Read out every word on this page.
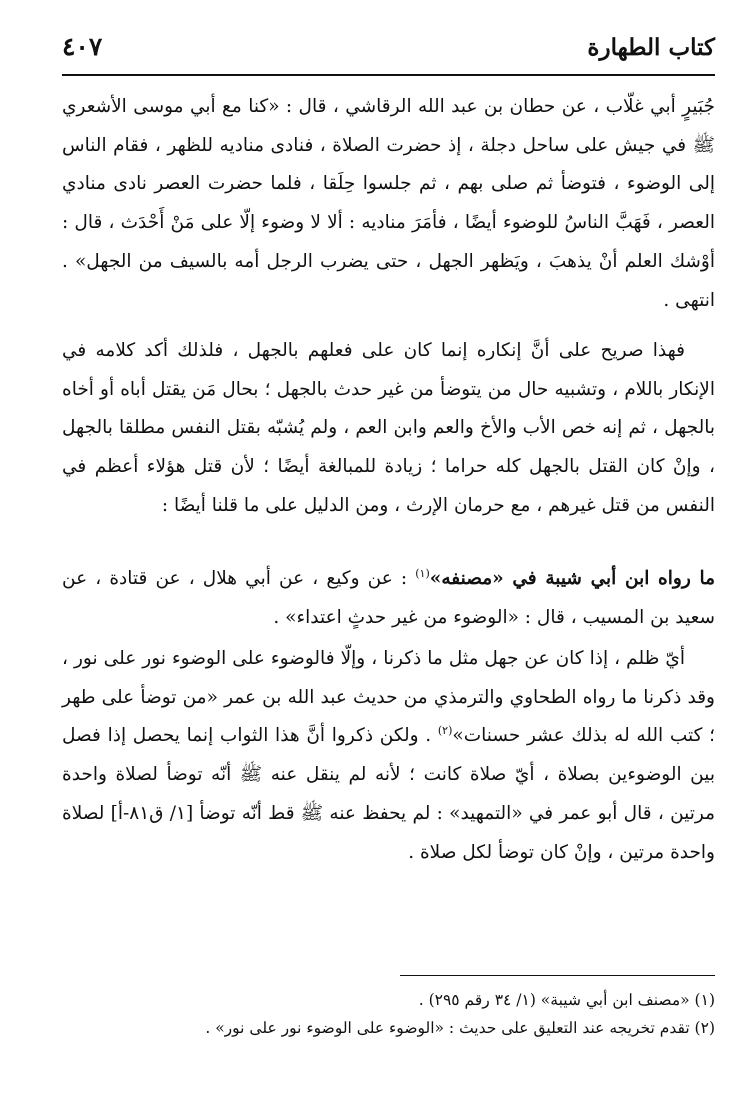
كتاب الطهارة
٤٠٧

جُبَيرٍ أبي غلّاب ، عن حطان بن عبد الله الرقاشي ، قال : «كنا مع أبي موسى الأشعري ﷺ في جيش على ساحل دجلة ، إذ حضرت الصلاة ، فنادى مناديه للظهر ، فقام الناس إلى الوضوء ، فتوضأ ثم صلى بهم ، ثم جلسوا حِلَقا ، فلما حضرت العصر نادى منادي العصر ، فَهَبَّ الناسُ للوضوء أيضًا ، فأمَرَ مناديه : ألا لا وضوء إلّا على مَنْ أَحْدَث ، قال : أوْشك العلم أنْ يذهبَ ، ويَظهر الجهل ، حتى يضرب الرجل أمه بالسيف من الجهل» . انتهى .

فهذا صريح على أنَّ إنكاره إنما كان على فعلهم بالجهل ، فلذلك أكد كلامه في الإنكار باللام ، وتشبيه حال من يتوضأ من غير حدث بالجهل ؛ بحال مَن يقتل أباه أو أخاه بالجهل ، ثم إنه خص الأب والأخ والعم وابن العم ، ولم يُشبّه بقتل النفس مطلقا بالجهل ، وإنْ كان القتل بالجهل كله حراما ؛ زيادة للمبالغة أيضًا ؛ لأن قتل هؤلاء أعظم في النفس من قتل غيرهم ، مع حرمان الإرث ، ومن الدليل على ما قلنا أيضًا :

ما رواه ابن أبي شيبة في «مصنفه»$^{(١)}$ : عن وكيع ، عن أبي هلال ، عن قتادة ، عن سعيد بن المسيب ، قال : «الوضوء من غير حدثٍ اعتداء» .

أيّ ظلم ، إذا كان عن جهل مثل ما ذكرنا ، وإلّا فالوضوء على الوضوء نور على نور ، وقد ذكرنا ما رواه الطحاوي والترمذي من حديث عبد الله بن عمر «من توضأ على طهر ؛ كتب الله له بذلك عشر حسنات»$^{(٢)}$ . ولكن ذكروا أنَّ هذا الثواب إنما يحصل إذا فصل بين الوضوءين بصلاة ، أيّ صلاة كانت ؛ لأنه لم ينقل عنه ﷺ أنّه توضأ لصلاة واحدة مرتين ، قال أبو عمر في «التمهيد» : لم يحفظ عنه ﷺ قط أنّه توضأ [١/ ق٨١-أ] لصلاة واحدة مرتين ، وإنْ كان توضأ لكل صلاة .

(١) «مصنف ابن أبي شيبة» (١/ ٣٤ رقم ٢٩٥) .

(٢) تقدم تخريجه عند التعليق على حديث : «الوضوء على الوضوء نور على نور» .
